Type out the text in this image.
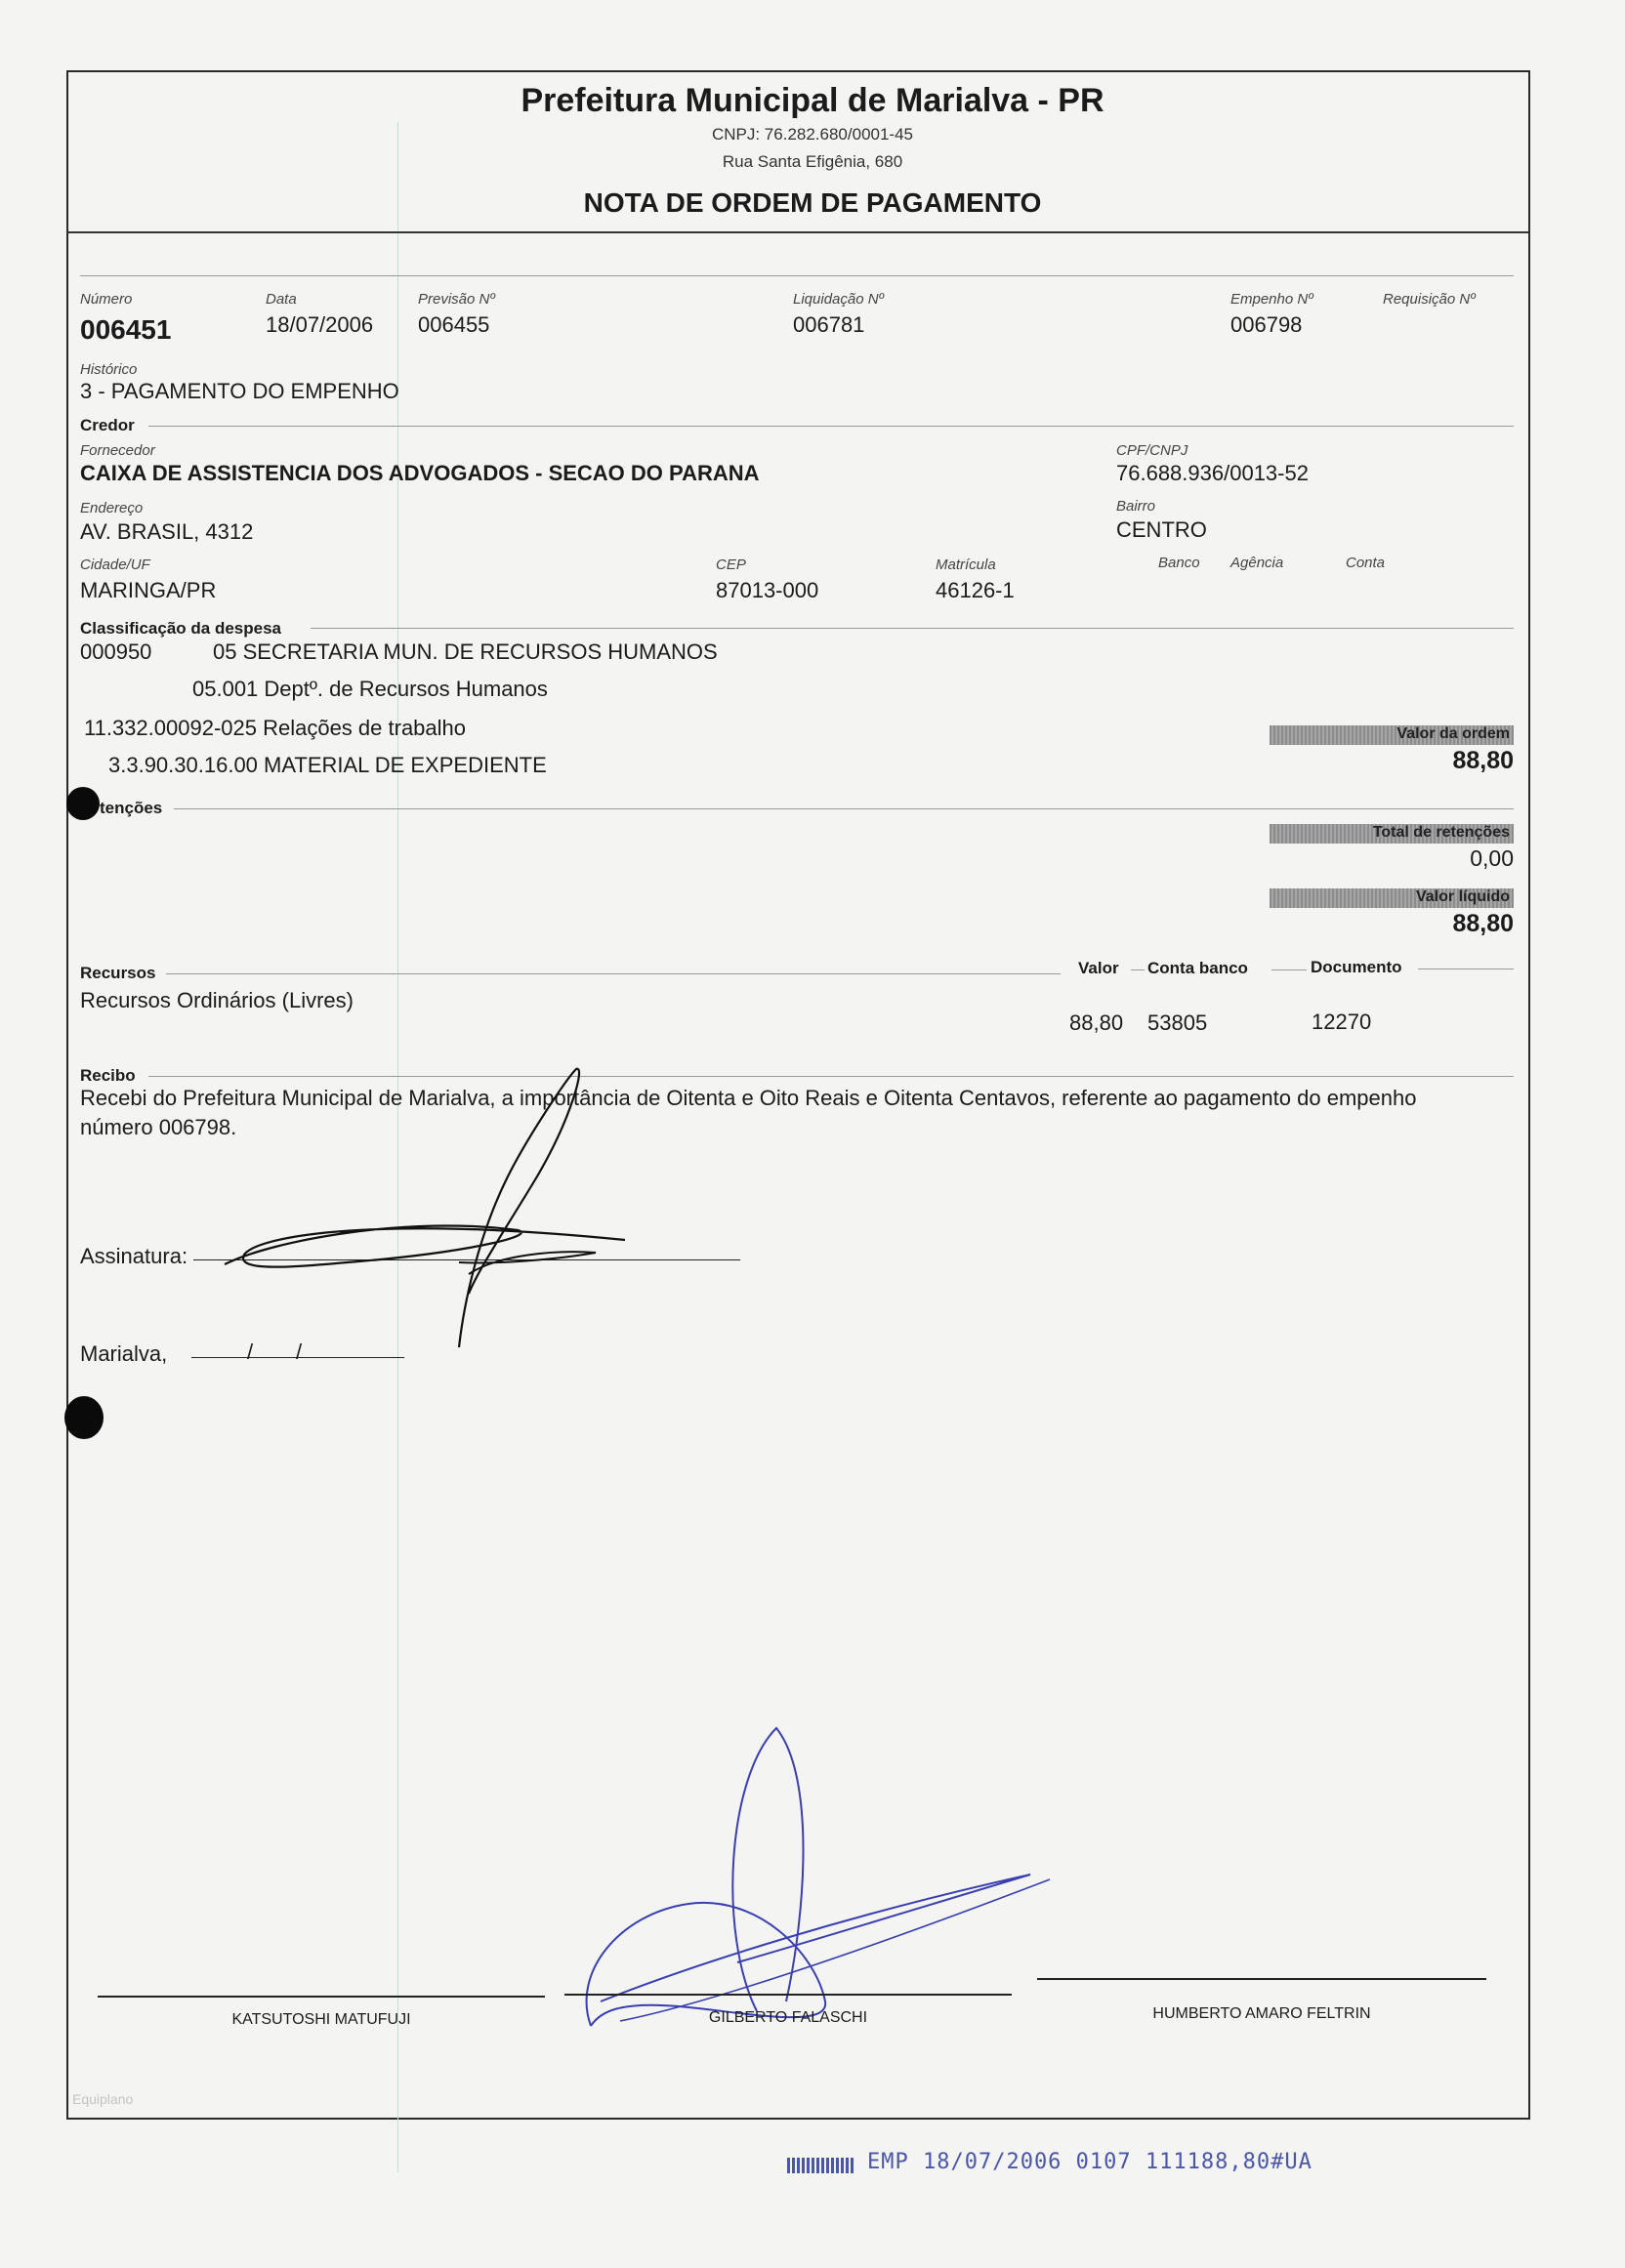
Prefeitura Municipal de Marialva - PR
CNPJ: 76.282.680/0001-45
Rua Santa Efigênia, 680
NOTA DE ORDEM DE PAGAMENTO
Número
006451
Data
18/07/2006
Previsão Nº
006455
Liquidação Nº
006781
Empenho Nº
006798
Requisição Nº
Histórico
3 - PAGAMENTO DO EMPENHO
Credor
Fornecedor
CAIXA DE ASSISTENCIA DOS ADVOGADOS - SECAO DO PARANA
CPF/CNPJ
76.688.936/0013-52
Endereço
AV. BRASIL, 4312
Bairro
CENTRO
Cidade/UF
MARINGA/PR
CEP
87013-000
Matrícula
46126-1
Banco Agência	Conta
Classificação da despesa
000950	05 SECRETARIA MUN. DE RECURSOS HUMANOS
05.001 Deptº. de Recursos Humanos
11.332.00092-025 Relações de trabalho
3.3.90.30.16.00 MATERIAL DE EXPEDIENTE
Valor da ordem
88,80
tenções
Total de retenções
0,00
Valor líquido
88,80
Recursos	Valor Conta banco	Documento
Recursos Ordinários (Livres)
88,80 53805	12270
Recibo
Recebi do Prefeitura Municipal de Marialva, a importância de Oitenta e Oito Reais e Oitenta Centavos, referente ao pagamento do empenho
número 006798.
Assinatura:
Marialva,	/ /
KATSUTOSHI MATUFUJI	GILBERTO FALASCHI	HUMBERTO AMARO FELTRIN
Equiplano
EMP 18/07/2006 0107 111188,80#UA
